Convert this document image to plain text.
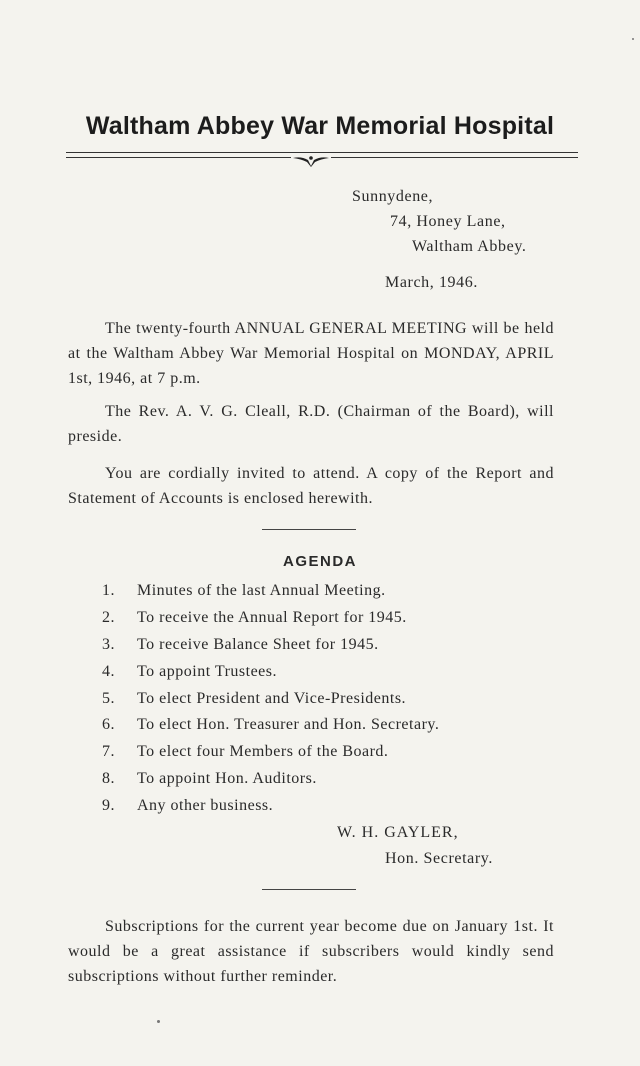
Waltham Abbey War Memorial Hospital
Sunnydene,
74, Honey Lane,
Waltham Abbey.
March, 1946.
The twenty-fourth ANNUAL GENERAL MEETING will be held at the Waltham Abbey War Memorial Hospital on MONDAY, APRIL 1st, 1946, at 7 p.m.
The Rev. A. V. G. Cleall, R.D. (Chairman of the Board), will preside.
You are cordially invited to attend. A copy of the Report and Statement of Accounts is enclosed herewith.
AGENDA
1. Minutes of the last Annual Meeting.
2. To receive the Annual Report for 1945.
3. To receive Balance Sheet for 1945.
4. To appoint Trustees.
5. To elect President and Vice-Presidents.
6. To elect Hon. Treasurer and Hon. Secretary.
7. To elect four Members of the Board.
8. To appoint Hon. Auditors.
9. Any other business.
W. H. GAYLER,
Hon. Secretary.
Subscriptions for the current year become due on January 1st. It would be a great assistance if subscribers would kindly send subscriptions without further reminder.
